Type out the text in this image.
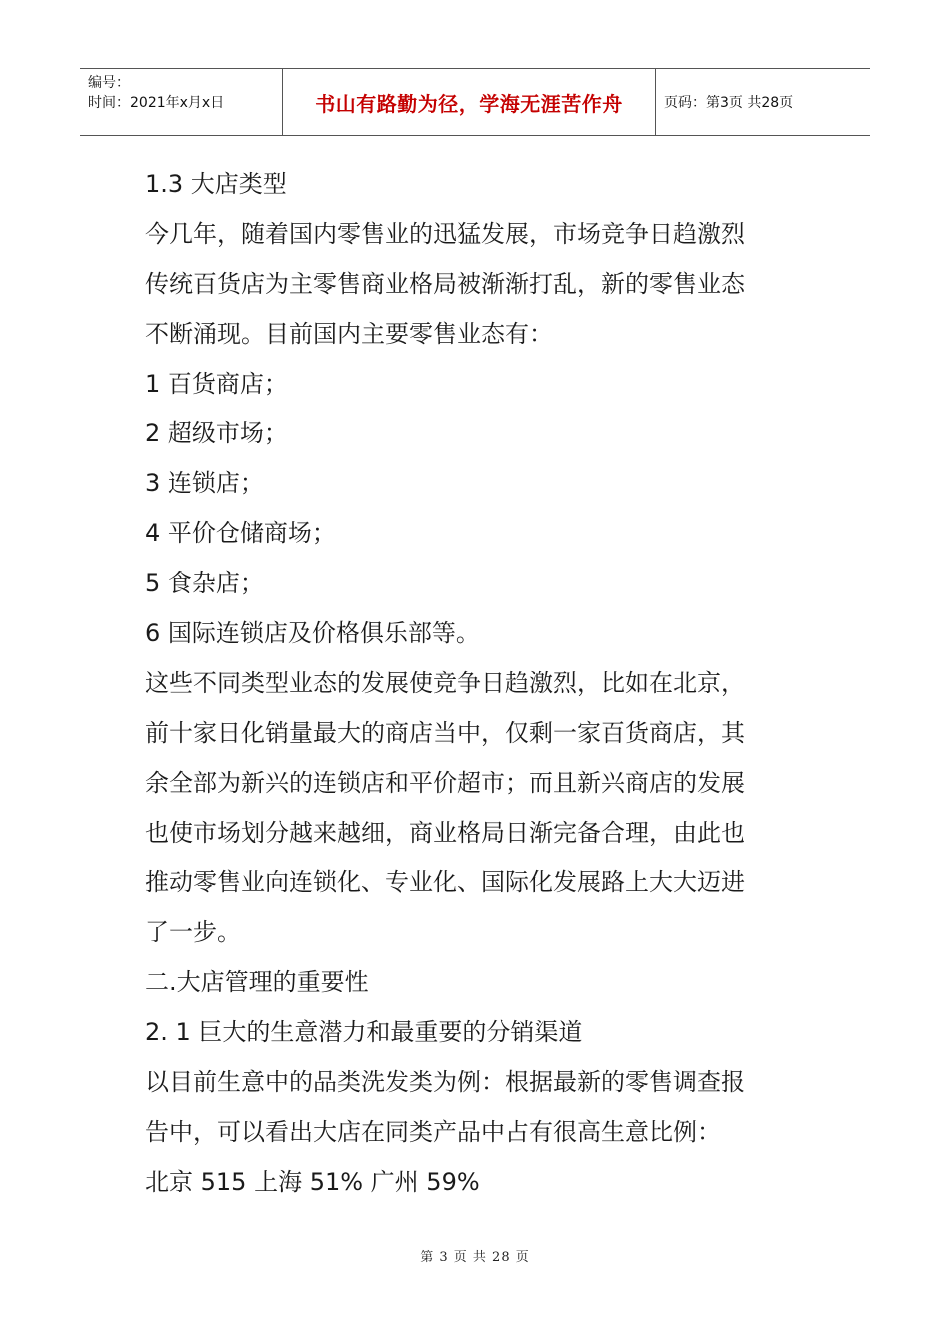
编号：
时间：2021年x月x日	书山有路勤为径，学海无涯苦作舟	页码：第3页 共28页
1.3 大店类型
今几年，随着国内零售业的迅猛发展，市场竞争日趋激烈
传统百货店为主零售商业格局被渐渐打乱，新的零售业态
不断涌现。目前国内主要零售业态有：
1 百货商店；
2 超级市场；
3 连锁店；
4 平价仓储商场；
5 食杂店；
6 国际连锁店及价格俱乐部等。
这些不同类型业态的发展使竞争日趋激烈，比如在北京，
前十家日化销量最大的商店当中，仅剩一家百货商店，其
余全部为新兴的连锁店和平价超市；而且新兴商店的发展
也使市场划分越来越细，商业格局日渐完备合理，由此也
推动零售业向连锁化、专业化、国际化发展路上大大迈进
了一步。
二.大店管理的重要性
2. 1 巨大的生意潜力和最重要的分销渠道
以目前生意中的品类洗发类为例：根据最新的零售调查报
告中，可以看出大店在同类产品中占有很高生意比例：
北京 515 上海 51% 广州 59%
第 3 页 共 28 页
